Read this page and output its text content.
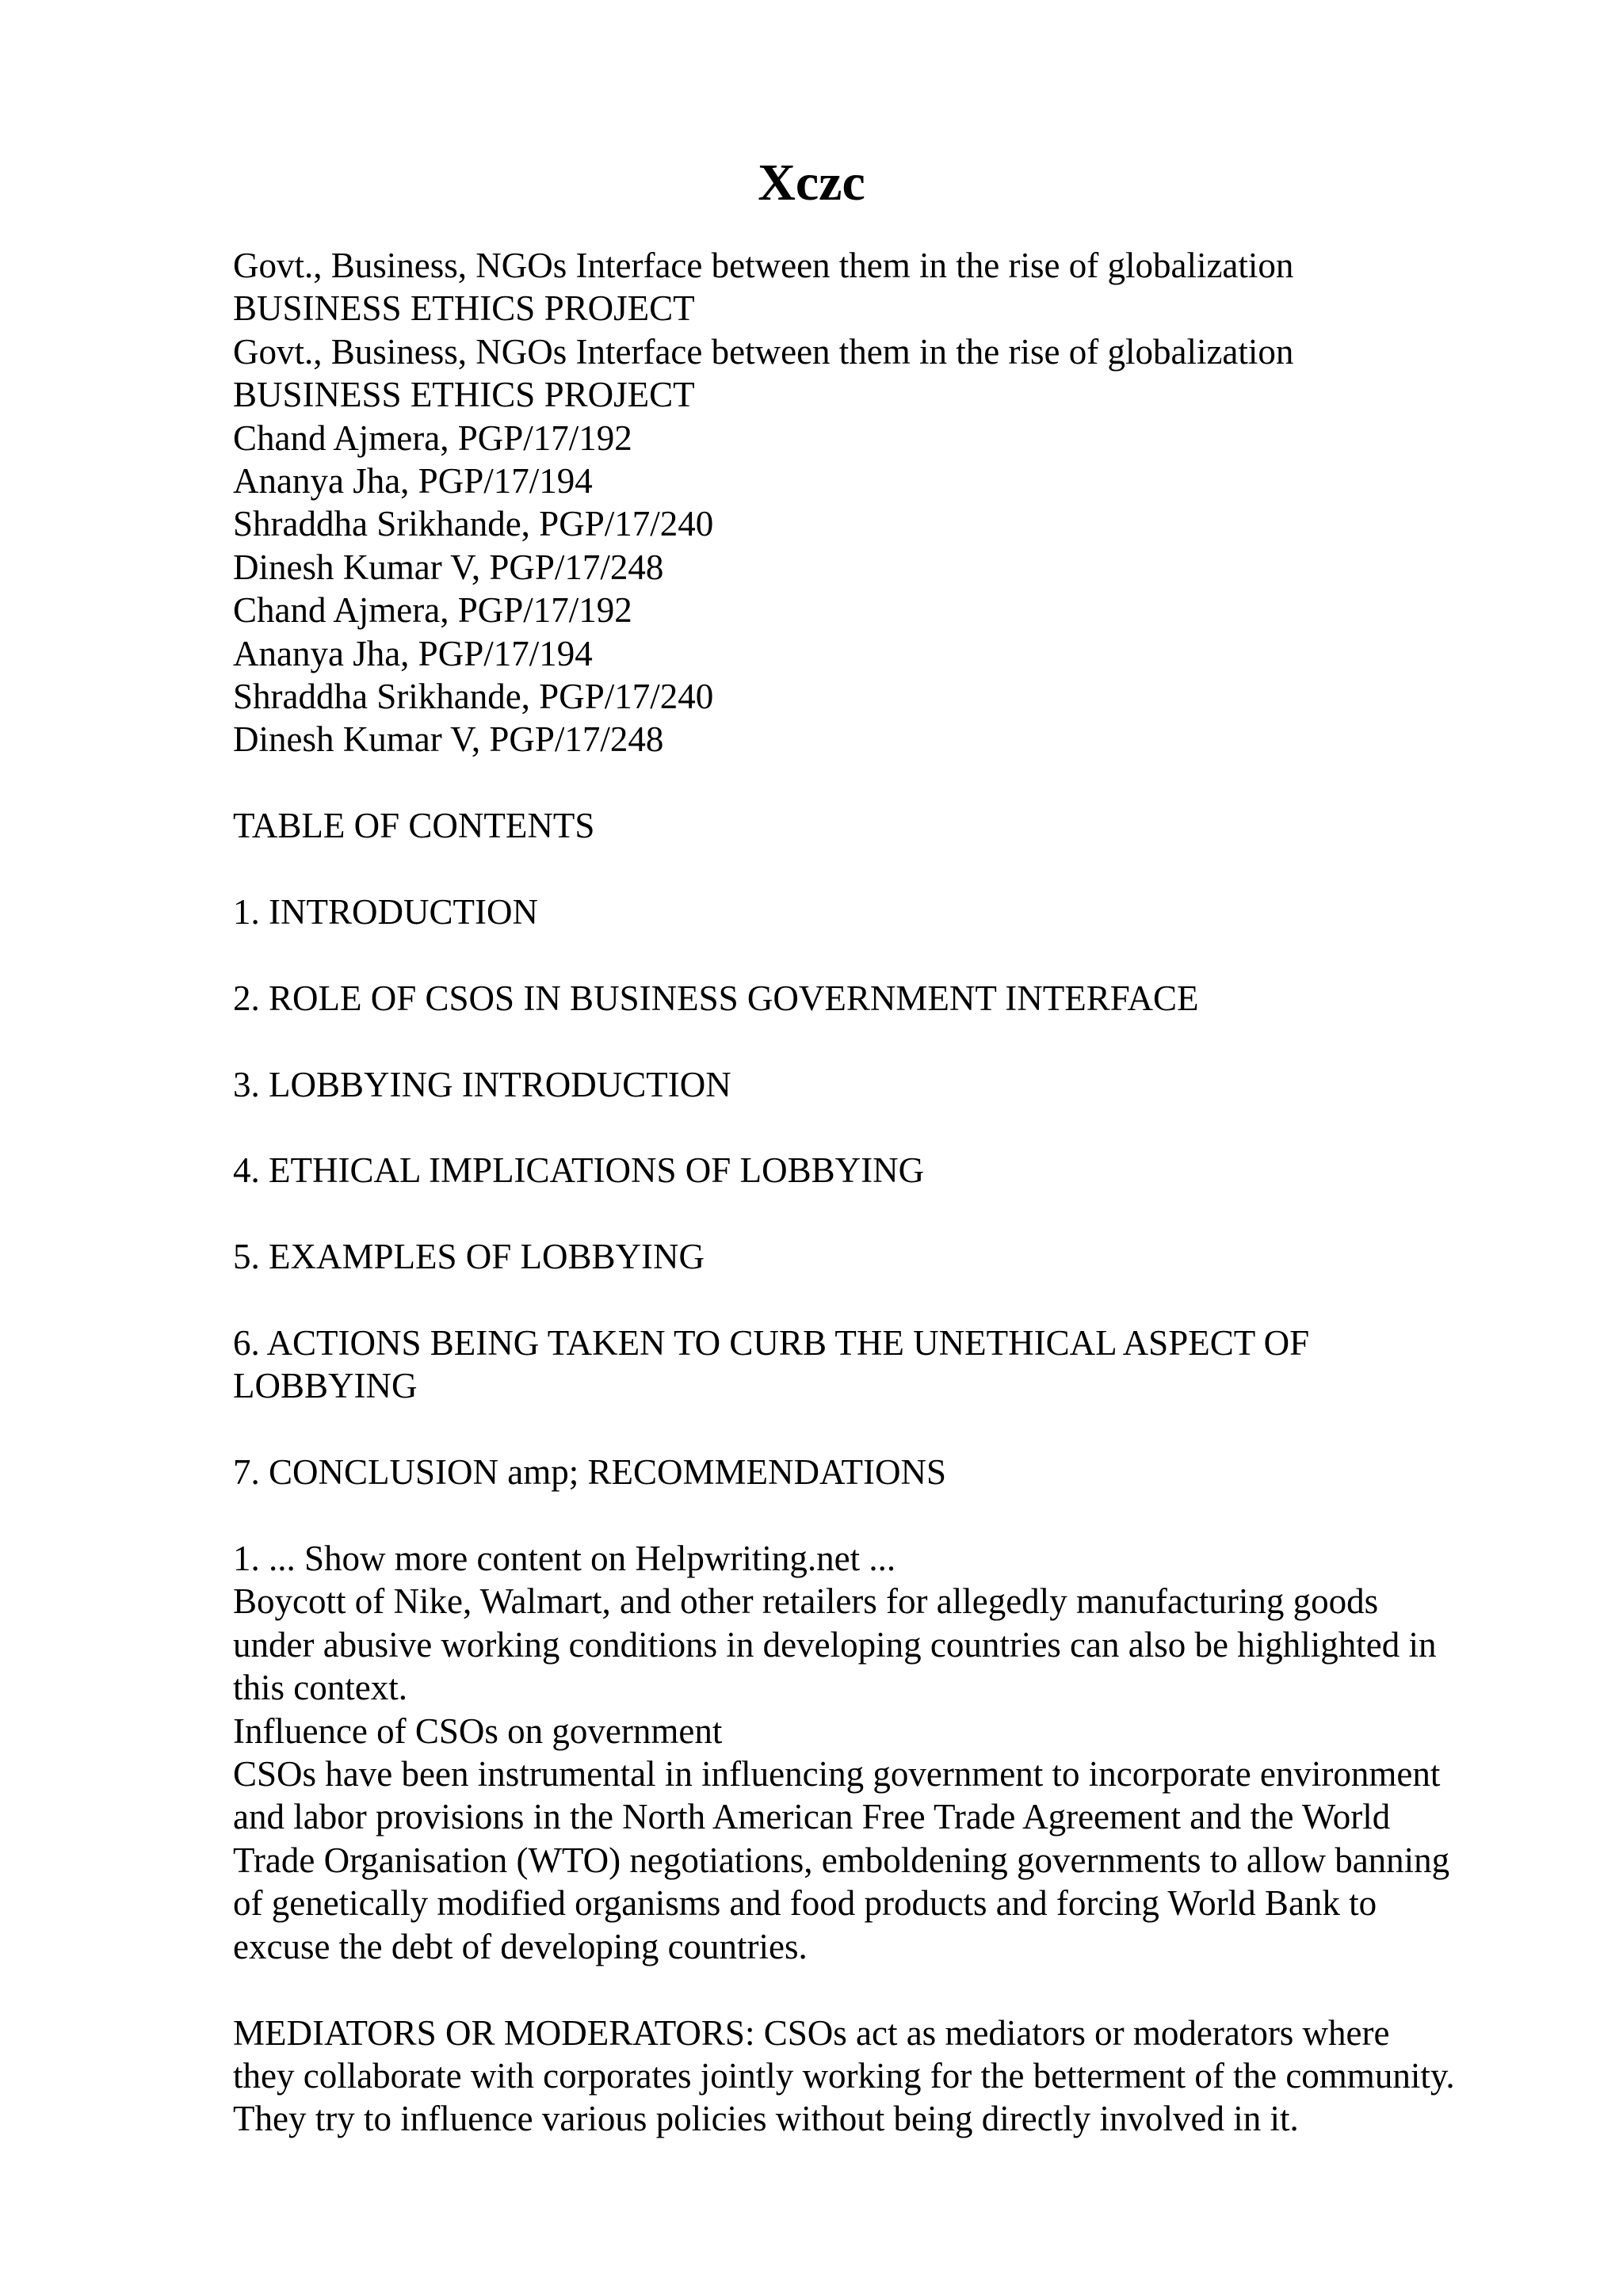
Xczc
Govt., Business, NGOs Interface between them in the rise of globalization
BUSINESS ETHICS PROJECT
Govt., Business, NGOs Interface between them in the rise of globalization
BUSINESS ETHICS PROJECT
Chand Ajmera, PGP/17/192
Ananya Jha, PGP/17/194
Shraddha Srikhande, PGP/17/240
Dinesh Kumar V, PGP/17/248
Chand Ajmera, PGP/17/192
Ananya Jha, PGP/17/194
Shraddha Srikhande, PGP/17/240
Dinesh Kumar V, PGP/17/248
TABLE OF CONTENTS
1. INTRODUCTION
2. ROLE OF CSOS IN BUSINESS GOVERNMENT INTERFACE
3. LOBBYING INTRODUCTION
4. ETHICAL IMPLICATIONS OF LOBBYING
5. EXAMPLES OF LOBBYING
6. ACTIONS BEING TAKEN TO CURB THE UNETHICAL ASPECT OF
LOBBYING
7. CONCLUSION amp; RECOMMENDATIONS
1. ... Show more content on Helpwriting.net ...
Boycott of Nike, Walmart, and other retailers for allegedly manufacturing goods
under abusive working conditions in developing countries can also be highlighted in
this context.
Influence of CSOs on government
CSOs have been instrumental in influencing government to incorporate environment
and labor provisions in the North American Free Trade Agreement and the World
Trade Organisation (WTO) negotiations, emboldening governments to allow banning
of genetically modified organisms and food products and forcing World Bank to
excuse the debt of developing countries.
MEDIATORS OR MODERATORS: CSOs act as mediators or moderators where
they collaborate with corporates jointly working for the betterment of the community.
They try to influence various policies without being directly involved in it.
